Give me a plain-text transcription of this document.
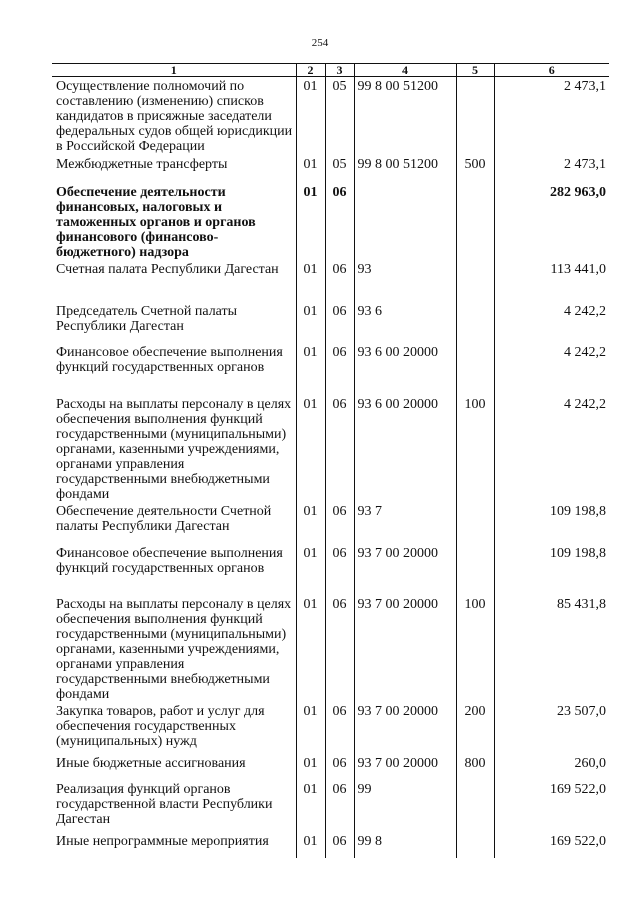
254
1	2	3	4	5	6
Осуществление полномочий по составлению (изменению) списков кандидатов в присяжные заседатели федеральных судов общей юрисдикции в Российской Федерации	01	05	99 8 00 51200		2 473,1
Межбюджетные трансферты	01	05	99 8 00 51200	500	2 473,1
Обеспечение деятельности финансовых, налоговых и таможенных органов и органов финансового (финансово-бюджетного) надзора	01	06			282 963,0
Счетная палата Республики Дагестан	01	06	93		113 441,0
Председатель Счетной палаты Республики Дагестан	01	06	93 6		4 242,2
Финансовое обеспечение выполнения функций государственных органов	01	06	93 6 00 20000		4 242,2
Расходы на выплаты персоналу в целях обеспечения выполнения функций государственными (муниципальными) органами, казенными учреждениями, органами управления государственными внебюджетными фондами	01	06	93 6 00 20000	100	4 242,2
Обеспечение деятельности Счетной палаты Республики Дагестан	01	06	93 7		109 198,8
Финансовое обеспечение выполнения функций государственных органов	01	06	93 7 00 20000		109 198,8
Расходы на выплаты персоналу в целях обеспечения выполнения функций государственными (муниципальными) органами, казенными учреждениями, органами управления государственными внебюджетными фондами	01	06	93 7 00 20000	100	85 431,8
Закупка товаров, работ и услуг для обеспечения государственных (муниципальных) нужд	01	06	93 7 00 20000	200	23 507,0
Иные бюджетные ассигнования	01	06	93 7 00 20000	800	260,0
Реализация функций органов государственной власти Республики Дагестан	01	06	99		169 522,0
Иные непрограммные мероприятия	01	06	99 8		169 522,0
